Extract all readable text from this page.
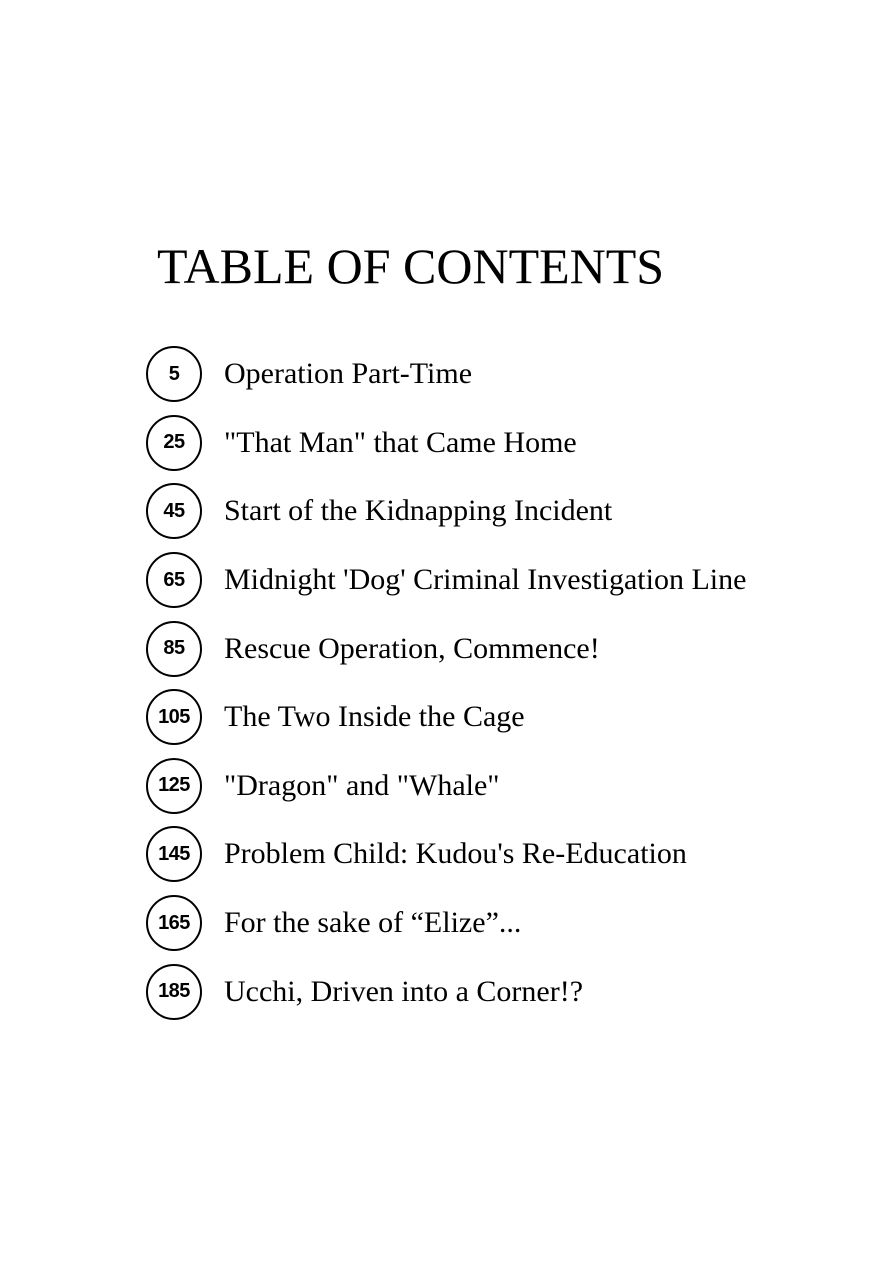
TABLE OF CONTENTS
5	Operation Part-Time
25	"That Man" that Came Home
45	Start of the Kidnapping Incident
65	Midnight 'Dog' Criminal Investigation Line
85	Rescue Operation, Commence!
105	The Two Inside the Cage
125	"Dragon" and "Whale"
145	Problem Child: Kudou's Re-Education
165	For the sake of “Elize”...
185	Ucchi, Driven into a Corner!?
